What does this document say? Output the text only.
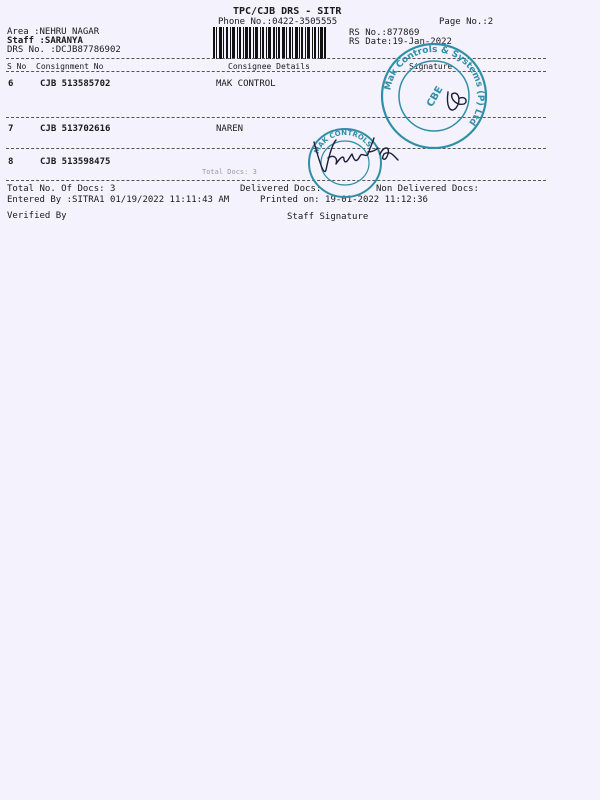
TPC/CJB DRS - SITR
Phone No.:0422-3505555	Page No.:2
Area :NEHRU NAGAR
Staff :SARANYA
DRS No. :DCJB87786902
RS No.:877869
RS Date:19-Jan-2022
S No Consignment No	Consignee Details	Signature
6	CJB 513585702	MAK CONTROL
7	CJB 513702616	NAREN
8	CJB 513598475
Total Docs: 3
Total No. Of Docs: 3	Delivered Docs:	Non Delivered Docs:
Entered By :SITRA1 01/19/2022 11:11:43 AM	Printed on: 19-01-2022 11:12:36
Verified By	Staff Signature
Mak Controls & Systems (P) Ltd
CBE
MAK CONTROLS
